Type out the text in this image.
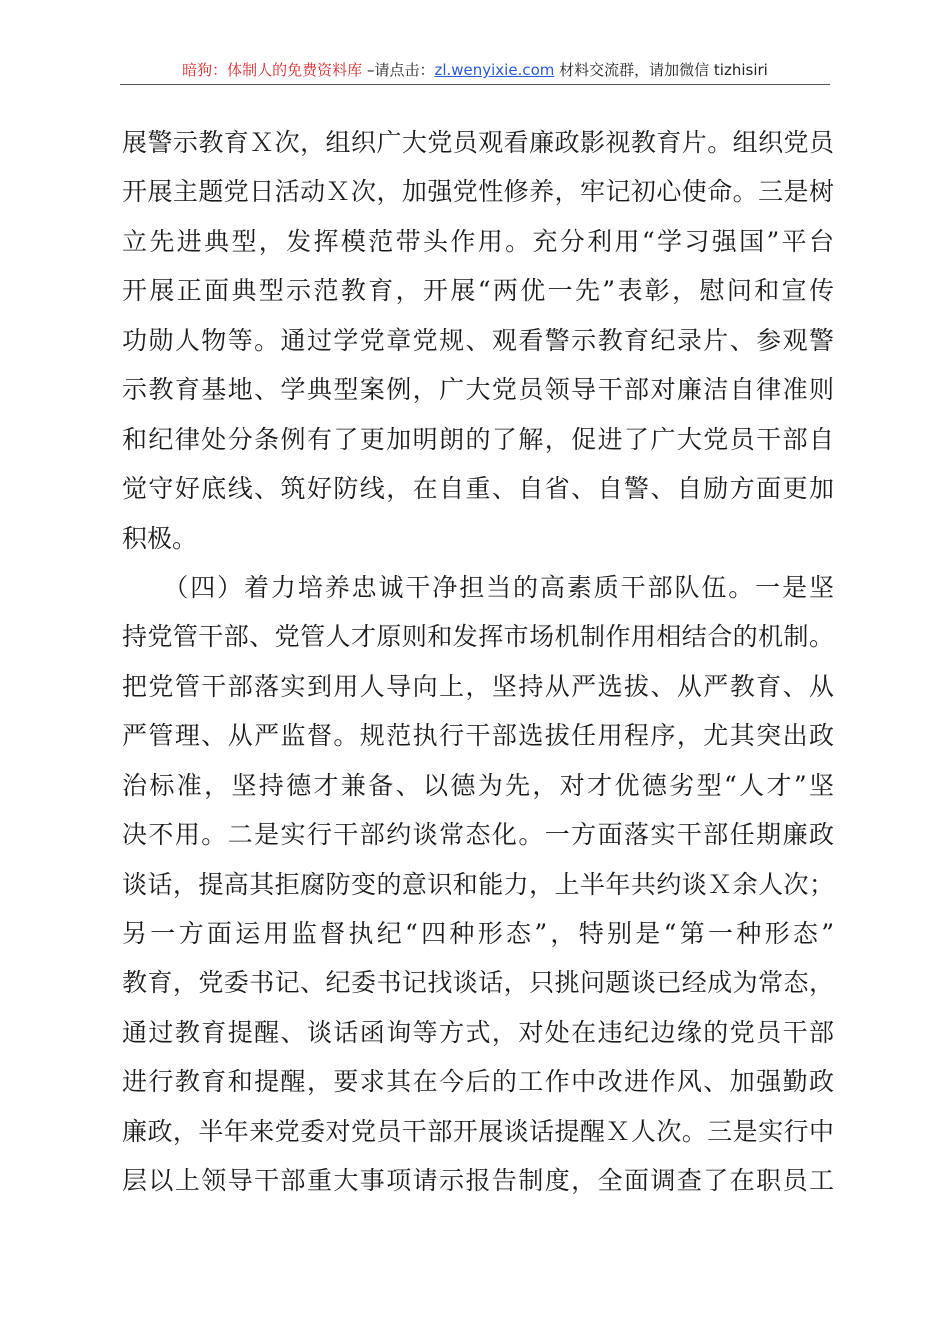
暗狗：体制人的免费资料库 –请点击：zl.wenyixie.com 材料交流群，请加微信 tizhisiri
展警示教育Ｘ次，组织广大党员观看廉政影视教育片。组织党员
开展主题党日活动Ｘ次，加强党性修养，牢记初心使命。三是树
立先进典型，发挥模范带头作用。充分利用“学习强国”平台
开展正面典型示范教育，开展“两优一先”表彰，慰问和宣传
功勋人物等。通过学党章党规、观看警示教育纪录片、参观警
示教育基地、学典型案例，广大党员领导干部对廉洁自律准则
和纪律处分条例有了更加明朗的了解，促进了广大党员干部自
觉守好底线、筑好防线，在自重、自省、自警、自励方面更加
积极。
　　（四）着力培养忠诚干净担当的高素质干部队伍。一是坚
持党管干部、党管人才原则和发挥市场机制作用相结合的机制。
把党管干部落实到用人导向上，坚持从严选拔、从严教育、从
严管理、从严监督。规范执行干部选拔任用程序，尤其突出政
治标准，坚持德才兼备、以德为先，对才优德劣型“人才”坚
决不用。二是实行干部约谈常态化。一方面落实干部任期廉政
谈话，提高其拒腐防变的意识和能力，上半年共约谈Ｘ余人次；
另一方面运用监督执纪“四种形态”，特别是“第一种形态”
教育，党委书记、纪委书记找谈话，只挑问题谈已经成为常态，
通过教育提醒、谈话函询等方式，对处在违纪边缘的党员干部
进行教育和提醒，要求其在今后的工作中改进作风、加强勤政
廉政，半年来党委对党员干部开展谈话提醒Ｘ人次。三是实行中
层以上领导干部重大事项请示报告制度，全面调查了在职员工
